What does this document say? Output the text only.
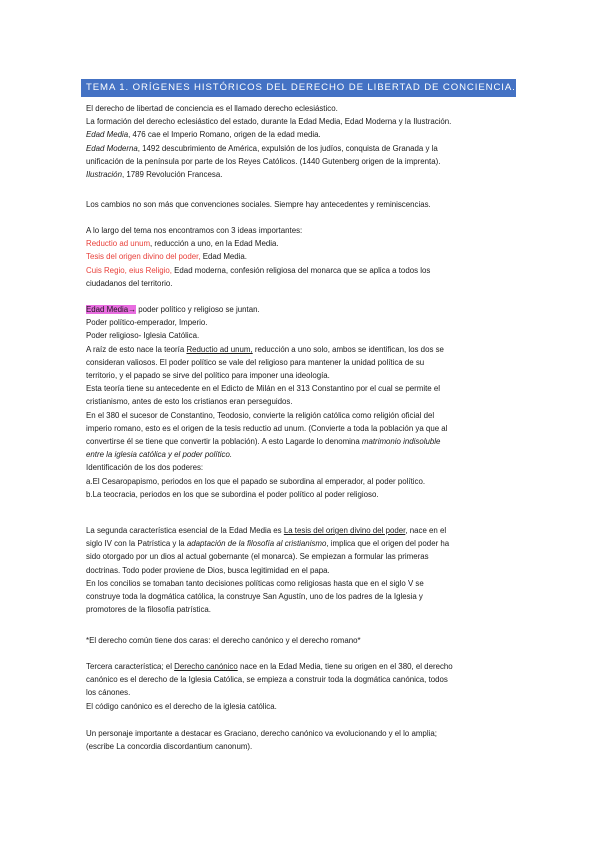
TEMA 1. ORÍGENES HISTÓRICOS DEL DERECHO DE LIBERTAD DE CONCIENCIA.
El derecho de libertad de conciencia es el llamado derecho eclesiástico.
La formación del derecho eclesiástico del estado, durante la Edad Media, Edad Moderna y la Ilustración.
Edad Media, 476 cae el Imperio Romano, origen de la edad media.
Edad Moderna, 1492 descubrimiento de América, expulsión de los judíos, conquista de Granada y la
unificación de la península por parte de los Reyes Católicos. (1440 Gutenberg origen de la imprenta).
Ilustración, 1789 Revolución Francesa.
Los cambios no son más que convenciones sociales. Siempre hay antecedentes y reminiscencias.
A lo largo del tema nos encontramos con 3 ideas importantes:
Reductio ad unum, reducción a uno, en la Edad Media.
Tesis del origen divino del poder, Edad Media.
Cuis Regio, eius Religio, Edad moderna, confesión religiosa del monarca que se aplica a todos los
ciudadanos del territorio.
Edad Media→ poder político y religioso se juntan.
Poder político-emperador, Imperio.
Poder religioso- Iglesia Católica.
A raíz de esto nace la teoría Reductio ad unum, reducción a uno solo, ambos se identifican, los dos se
consideran valiosos. El poder político se vale del religioso para mantener la unidad política de su
territorio, y el papado se sirve del político para imponer una ideología.
Esta teoría tiene su antecedente en el Edicto de Milán en el 313 Constantino por el cual se permite el
cristianismo, antes de esto los cristianos eran perseguidos.
En el 380 el sucesor de Constantino, Teodosio, convierte la religión católica como religión oficial del
imperio romano, esto es el origen de la tesis reductio ad unum. (Convierte a toda la población ya que al
convertirse él se tiene que convertir la población). A esto Lagarde lo denomina matrimonio indisoluble
entre la iglesia católica y el poder político.
Identificación de los dos poderes:
a.El Cesaropapismo, periodos en los que el papado se subordina al emperador, al poder político.
b.La teocracia, periodos en los que se subordina el poder político al poder religioso.
La segunda característica esencial de la Edad Media es La tesis del origen divino del poder, nace en el
siglo IV con la Patrística y la adaptación de la filosofía al cristianismo, implica que el origen del poder ha
sido otorgado por un dios al actual gobernante (el monarca). Se empiezan a formular las primeras
doctrinas. Todo poder proviene de Dios, busca legitimidad en el papa.
En los concilios se tomaban tanto decisiones políticas como religiosas hasta que en el siglo V se
construye toda la dogmática católica, la construye San Agustín, uno de los padres de la Iglesia y
promotores de la filosofía patrística.
*El derecho común tiene dos caras: el derecho canónico y el derecho romano*
Tercera característica; el Derecho canónico nace en la Edad Media, tiene su origen en el 380, el derecho
canónico es el derecho de la Iglesia Católica, se empieza a construir toda la dogmática canónica, todos
los cánones.
El código canónico es el derecho de la iglesia católica.
Un personaje importante a destacar es Graciano, derecho canónico va evolucionando y el lo amplia;
(escribe La concordia discordantium canonum).
